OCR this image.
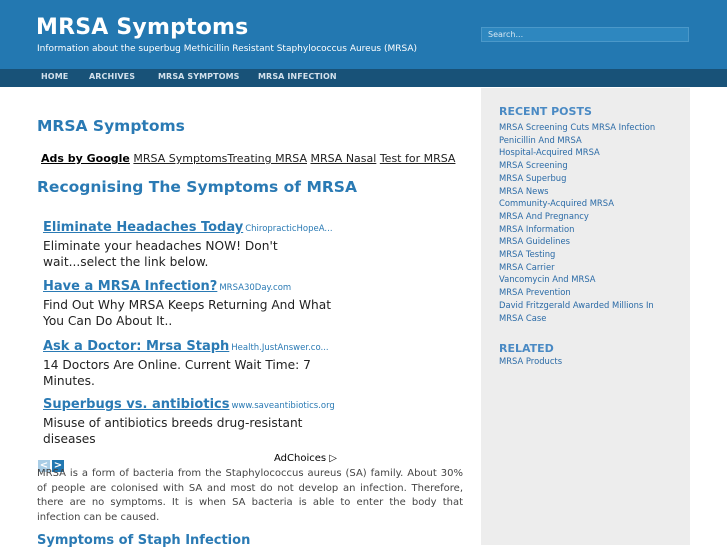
MRSA Symptoms
Information about the superbug Methicillin Resistant Staphylococcus Aureus (MRSA)
Search...
HOME	ARCHIVES	MRSA SYMPTOMS MRSA INFECTION
MRSA Symptoms
Ads by Google MRSA SymptomsTreating MRSA MRSA Nasal Test for MRSA
Recognising The Symptoms of MRSA
Eliminate Headaches Today ChiropracticHopeA...
Eliminate your headaches NOW! Don't wait...select the link below.
Have a MRSA Infection? MRSA30Day.com
Find Out Why MRSA Keeps Returning And What You Can Do About It..
Ask a Doctor: Mrsa Staph Health.JustAnswer.co...
14 Doctors Are Online. Current Wait Time: 7 Minutes.
Superbugs vs. antibiotics www.saveantibiotics.org
Misuse of antibiotics breeds drug-resistant diseases
< >
AdChoices ▷
MRSA is a form of bacteria from the Staphylococcus aureus (SA) family. About 30% of people are colonised with SA and most do not develop an infection. Therefore, there are no symptoms. It is when SA bacteria is able to enter the body that infection can be caused.
Symptoms of Staph Infection
RECENT POSTS
MRSA Screening Cuts MRSA Infection
Penicillin And MRSA
Hospital-Acquired MRSA
MRSA Screening
MRSA Superbug
MRSA News
Community-Acquired MRSA
MRSA And Pregnancy
MRSA Information
MRSA Guidelines
MRSA Testing
MRSA Carrier
Vancomycin And MRSA
MRSA Prevention
David Fritzgerald Awarded Millions In
MRSA Case
RELATED
MRSA Products
